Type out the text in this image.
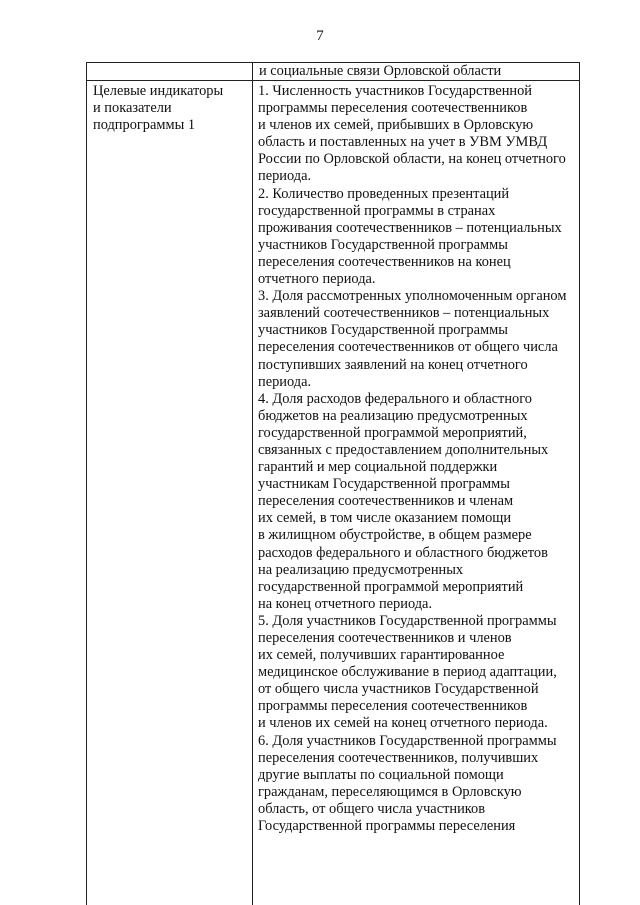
7
и социальные связи Орловской области
Целевые индикаторы
и показатели
подпрограммы 1
1. Численность участников Государственной
программы переселения соотечественников
и членов их семей, прибывших в Орловскую
область и поставленных на учет в УВМ УМВД
России по Орловской области, на конец отчетного
периода.
2. Количество проведенных презентаций
государственной программы в странах
проживания соотечественников – потенциальных
участников Государственной программы
переселения соотечественников на конец
отчетного периода.
3. Доля рассмотренных уполномоченным органом
заявлений соотечественников – потенциальных
участников Государственной программы
переселения соотечественников от общего числа
поступивших заявлений на конец отчетного
периода.
4. Доля расходов федерального и областного
бюджетов на реализацию предусмотренных
государственной программой мероприятий,
связанных с предоставлением дополнительных
гарантий и мер социальной поддержки
участникам Государственной программы
переселения соотечественников и членам
их семей, в том числе оказанием помощи
в жилищном обустройстве, в общем размере
расходов федерального и областного бюджетов
на реализацию предусмотренных
государственной программой мероприятий
на конец отчетного периода.
5. Доля участников Государственной программы
переселения соотечественников и членов
их семей, получивших гарантированное
медицинское обслуживание в период адаптации,
от общего числа участников Государственной
программы переселения соотечественников
и членов их семей на конец отчетного периода.
6. Доля участников Государственной программы
переселения соотечественников, получивших
другие выплаты по социальной помощи
гражданам, переселяющимся в Орловскую
область, от общего числа участников
Государственной программы переселения
